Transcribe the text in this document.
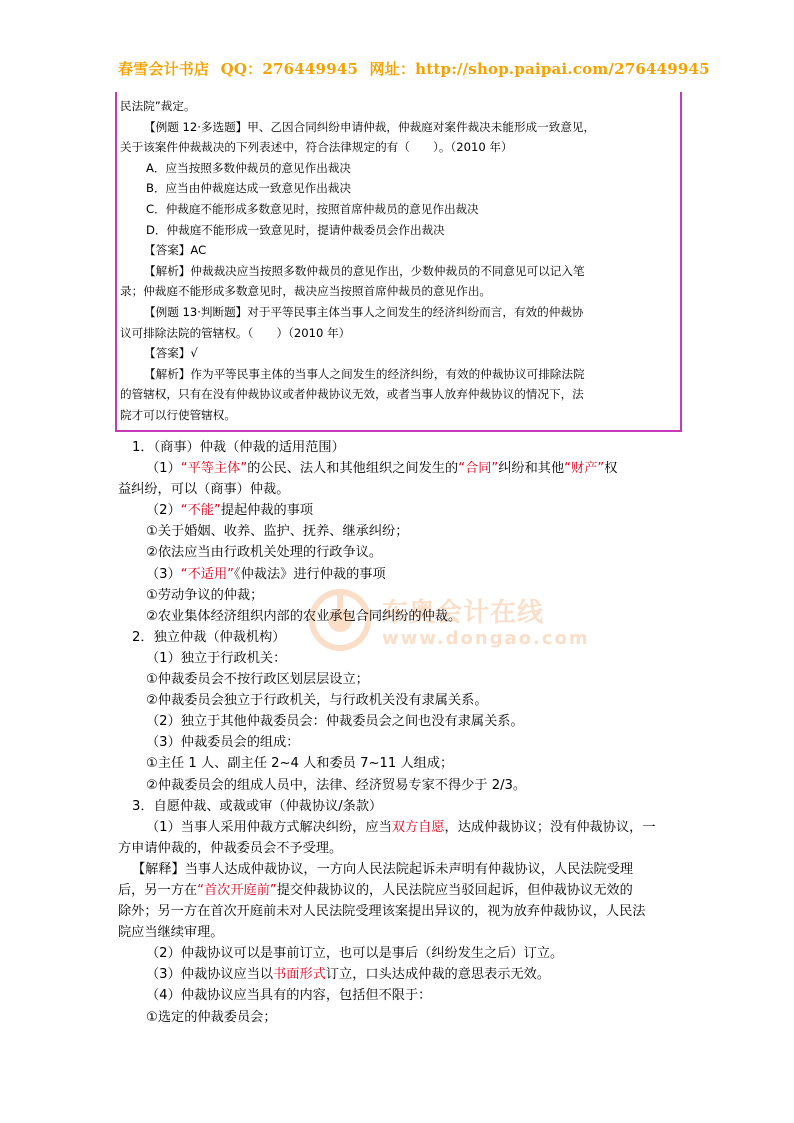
春雪会计书店 QQ：276449945 网址：http://shop.paipai.com/276449945

民法院”裁定。

【例题 12·多选题】甲、乙因合同纠纷申请仲裁，仲裁庭对案件裁决未能形成一致意见，

关于该案件仲裁裁决的下列表述中，符合法律规定的有（　　）。（2010 年）

A．应当按照多数仲裁员的意见作出裁决

B．应当由仲裁庭达成一致意见作出裁决

C．仲裁庭不能形成多数意见时，按照首席仲裁员的意见作出裁决

D．仲裁庭不能形成一致意见时，提请仲裁委员会作出裁决

【答案】AC

【解析】仲裁裁决应当按照多数仲裁员的意见作出，少数仲裁员的不同意见可以记入笔

录；仲裁庭不能形成多数意见时，裁决应当按照首席仲裁员的意见作出。

【例题 13·判断题】对于平等民事主体当事人之间发生的经济纠纷而言，有效的仲裁协

议可排除法院的管辖权。（　　）（2010 年）

【答案】√

【解析】作为平等民事主体的当事人之间发生的经济纠纷，有效的仲裁协议可排除法院

的管辖权，只有在没有仲裁协议或者仲裁协议无效，或者当事人放弃仲裁协议的情况下，法

院才可以行使管辖权。

东奥会计在线
www.dongao.com

1．（商事）仲裁（仲裁的适用范围）

（1）“平等主体”的公民、法人和其他组织之间发生的“合同”纠纷和其他“财产”权

益纠纷，可以（商事）仲裁。

（2）“不能”提起仲裁的事项

①关于婚姻、收养、监护、抚养、继承纠纷；

②依法应当由行政机关处理的行政争议。

（3）“不适用”《仲裁法》进行仲裁的事项

①劳动争议的仲裁；

②农业集体经济组织内部的农业承包合同纠纷的仲裁。

2．独立仲裁（仲裁机构）

（1）独立于行政机关：

①仲裁委员会不按行政区划层层设立；

②仲裁委员会独立于行政机关，与行政机关没有隶属关系。

（2）独立于其他仲裁委员会：仲裁委员会之间也没有隶属关系。

（3）仲裁委员会的组成：

①主任 1 人、副主任 2~4 人和委员 7~11 人组成；

②仲裁委员会的组成人员中，法律、经济贸易专家不得少于 2/3。

3．自愿仲裁、或裁或审（仲裁协议/条款）

（1）当事人采用仲裁方式解决纠纷，应当双方自愿，达成仲裁协议；没有仲裁协议，一

方申请仲裁的，仲裁委员会不予受理。

【解释】当事人达成仲裁协议，一方向人民法院起诉未声明有仲裁协议，人民法院受理

后，另一方在“首次开庭前”提交仲裁协议的，人民法院应当驳回起诉，但仲裁协议无效的

除外；另一方在首次开庭前未对人民法院受理该案提出异议的，视为放弃仲裁协议，人民法

院应当继续审理。

（2）仲裁协议可以是事前订立，也可以是事后（纠纷发生之后）订立。

（3）仲裁协议应当以书面形式订立，口头达成仲裁的意思表示无效。

（4）仲裁协议应当具有的内容，包括但不限于：

①选定的仲裁委员会；
